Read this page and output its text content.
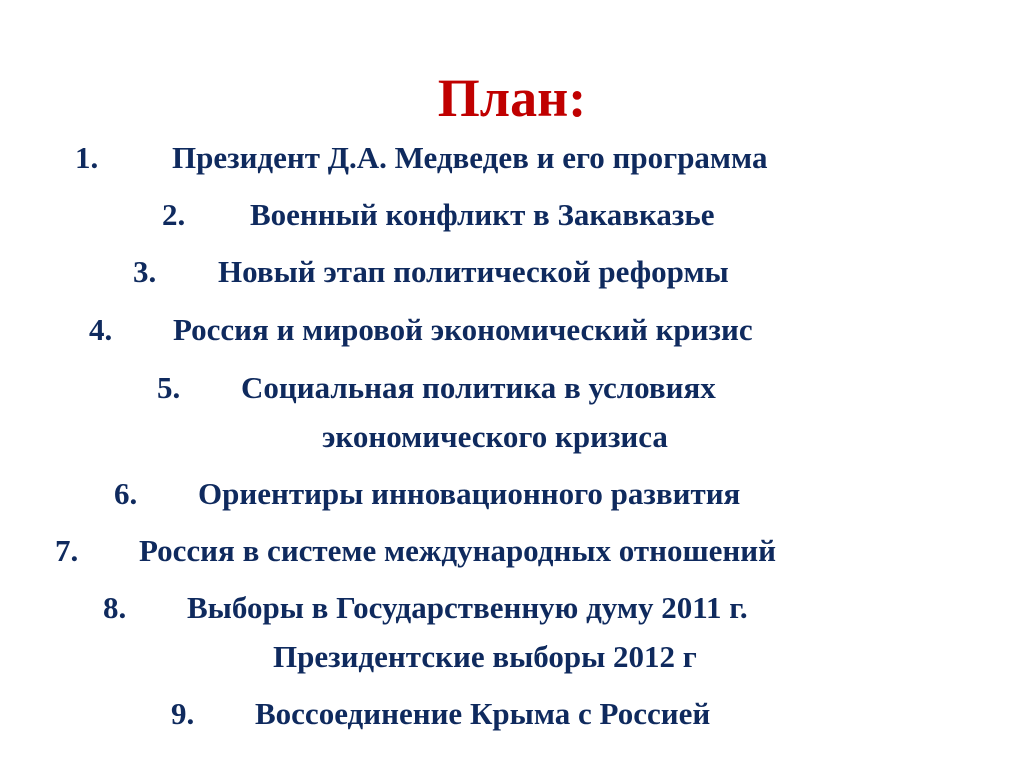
План:
1. Президент Д.А. Медведев и его программа
2. Военный конфликт в Закавказье
3. Новый этап политической реформы
4. Россия и мировой экономический кризис
5. Социальная политика в условиях
экономического кризиса
6. Ориентиры инновационного развития
7. Россия в системе международных отношений
8. Выборы в Государственную думу 2011 г.
Президентские выборы 2012 г
9. Воссоединение Крыма с Россией
